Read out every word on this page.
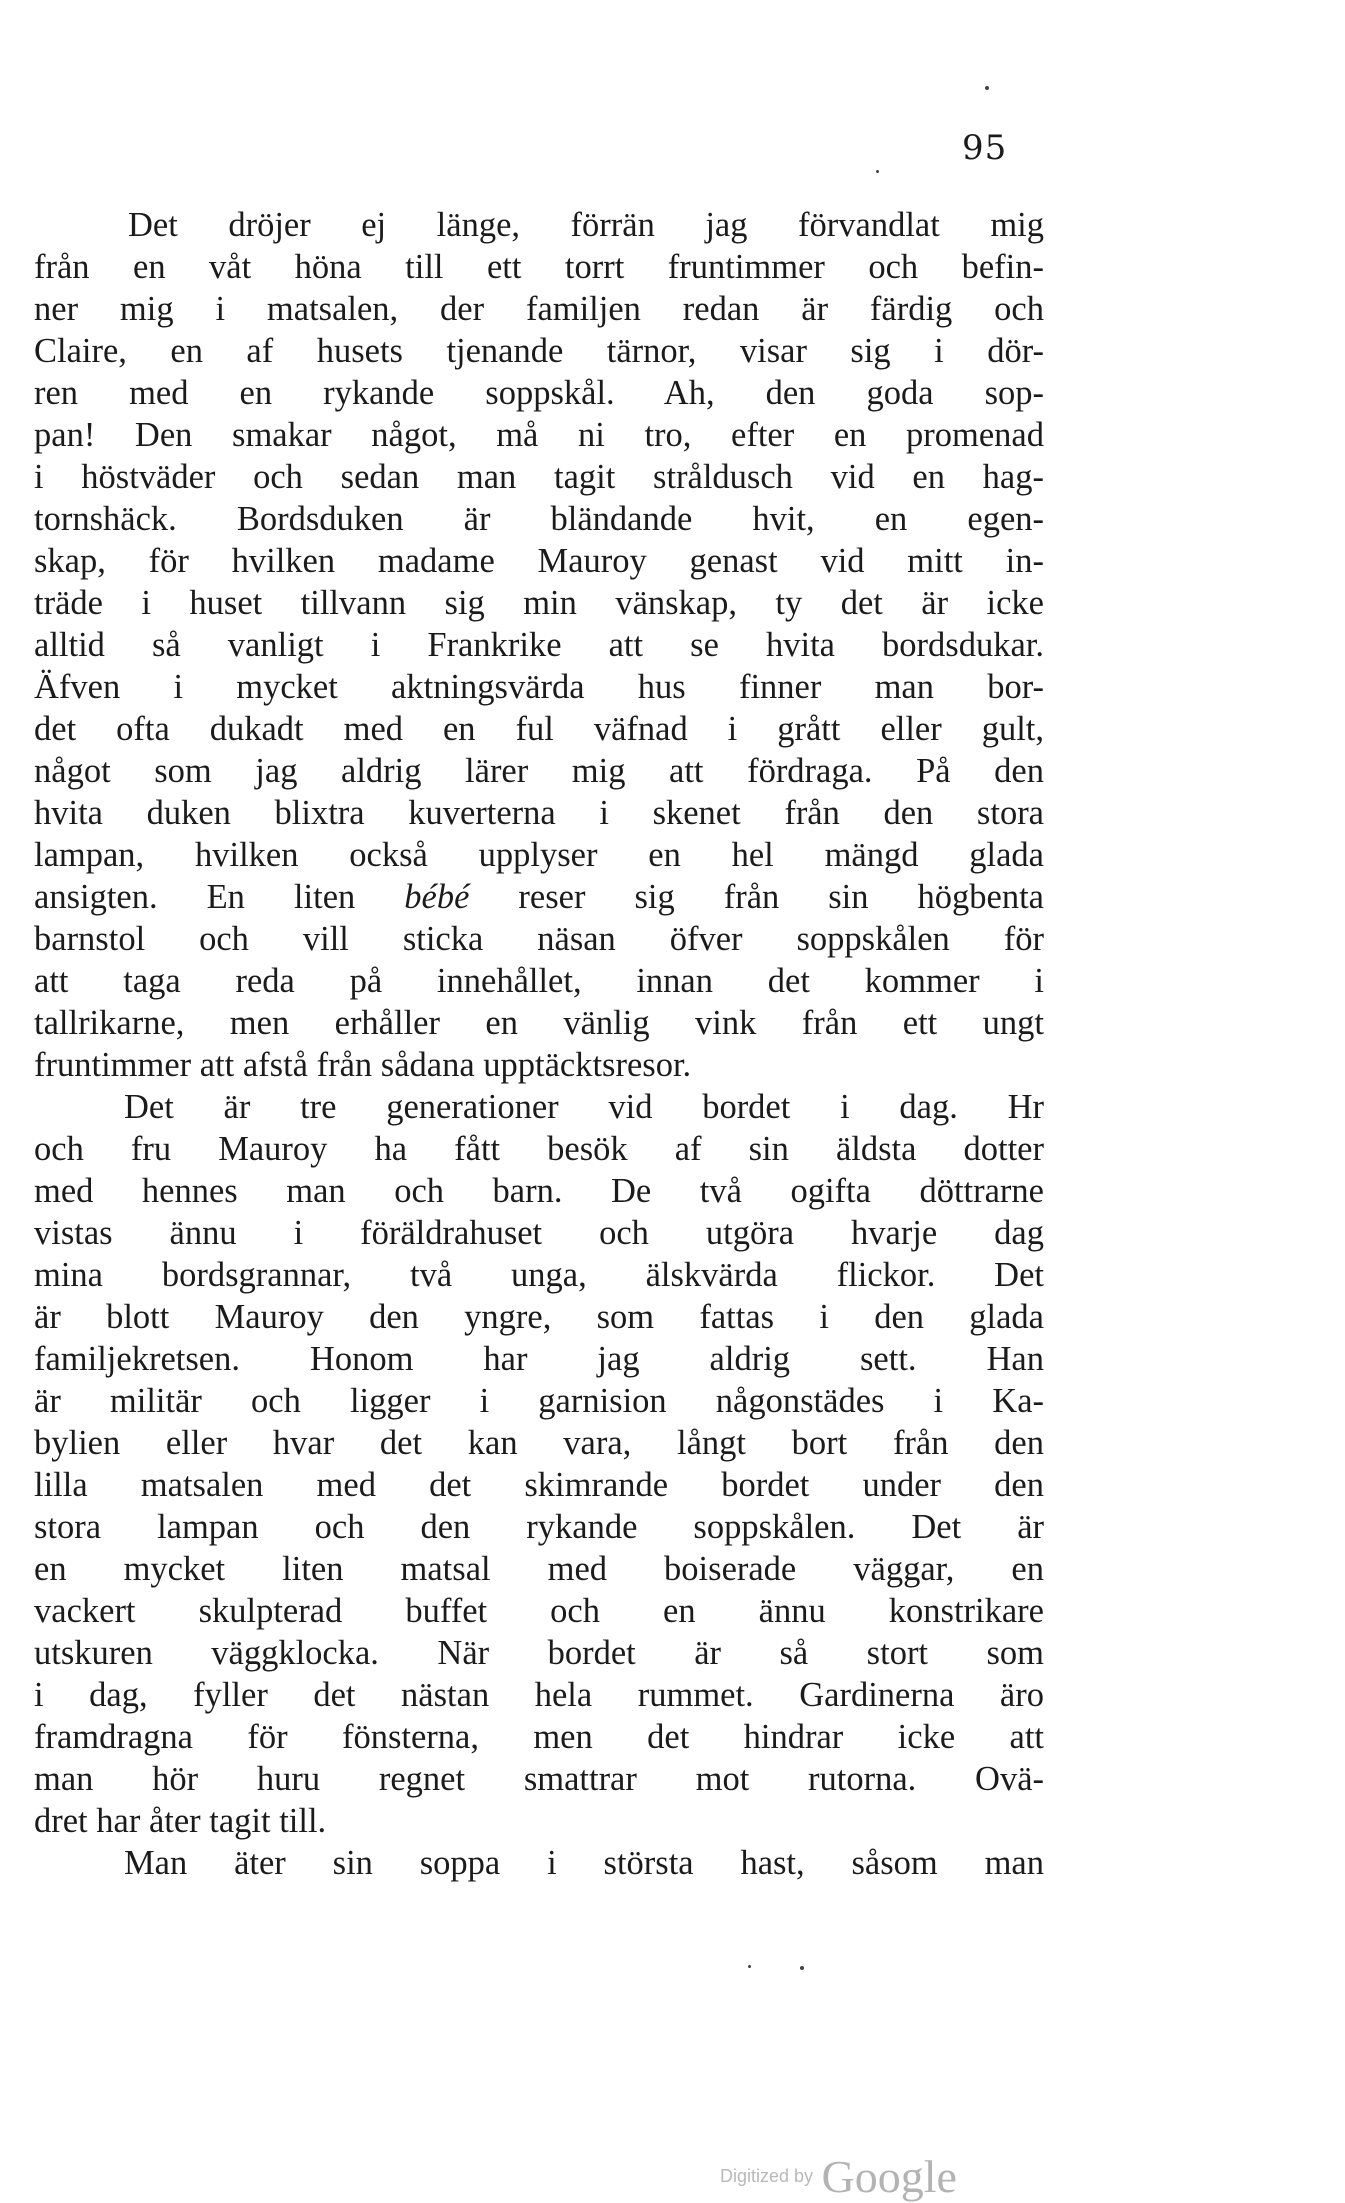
95
Det dröjer ej länge, förrän jag förvandlat mig
från en våt höna till ett torrt fruntimmer och befin-
ner mig i matsalen, der familjen redan är färdig och
Claire, en af husets tjenande tärnor, visar sig i dör-
ren med en rykande soppskål. Ah, den goda sop-
pan! Den smakar något, må ni tro, efter en promenad
i höstväder och sedan man tagit stråldusch vid en hag-
tornshäck. Bordsduken är bländande hvit, en egen-
skap, för hvilken madame Mauroy genast vid mitt in-
träde i huset tillvann sig min vänskap, ty det är icke
alltid så vanligt i Frankrike att se hvita bordsdukar.
Äfven i mycket aktningsvärda hus finner man bor-
det ofta dukadt med en ful väfnad i grått eller gult,
något som jag aldrig lärer mig att fördraga. På den
hvita duken blixtra kuverterna i skenet från den stora
lampan, hvilken också upplyser en hel mängd glada
ansigten. En liten bébé reser sig från sin högbenta
barnstol och vill sticka näsan öfver soppskålen för
att taga reda på innehållet, innan det kommer i
tallrikarne, men erhåller en vänlig vink från ett ungt
fruntimmer att afstå från sådana upptäcktsresor.
Det är tre generationer vid bordet i dag. Hr
och fru Mauroy ha fått besök af sin äldsta dotter
med hennes man och barn. De två ogifta döttrarne
vistas ännu i föräldrahuset och utgöra hvarje dag
mina bordsgrannar, två unga, älskvärda flickor. Det
är blott Mauroy den yngre, som fattas i den glada
familjekretsen. Honom har jag aldrig sett. Han
är militär och ligger i garnision någonstädes i Ka-
bylien eller hvar det kan vara, långt bort från den
lilla matsalen med det skimrande bordet under den
stora lampan och den rykande soppskålen. Det är
en mycket liten matsal med boiserade väggar, en
vackert skulpterad buffet och en ännu konstrikare
utskuren väggklocka. När bordet är så stort som
i dag, fyller det nästan hela rummet. Gardinerna äro
framdragna för fönsterna, men det hindrar icke att
man hör huru regnet smattrar mot rutorna. Ovä-
dret har åter tagit till.
Man äter sin soppa i största hast, såsom man
Digitized by Google
